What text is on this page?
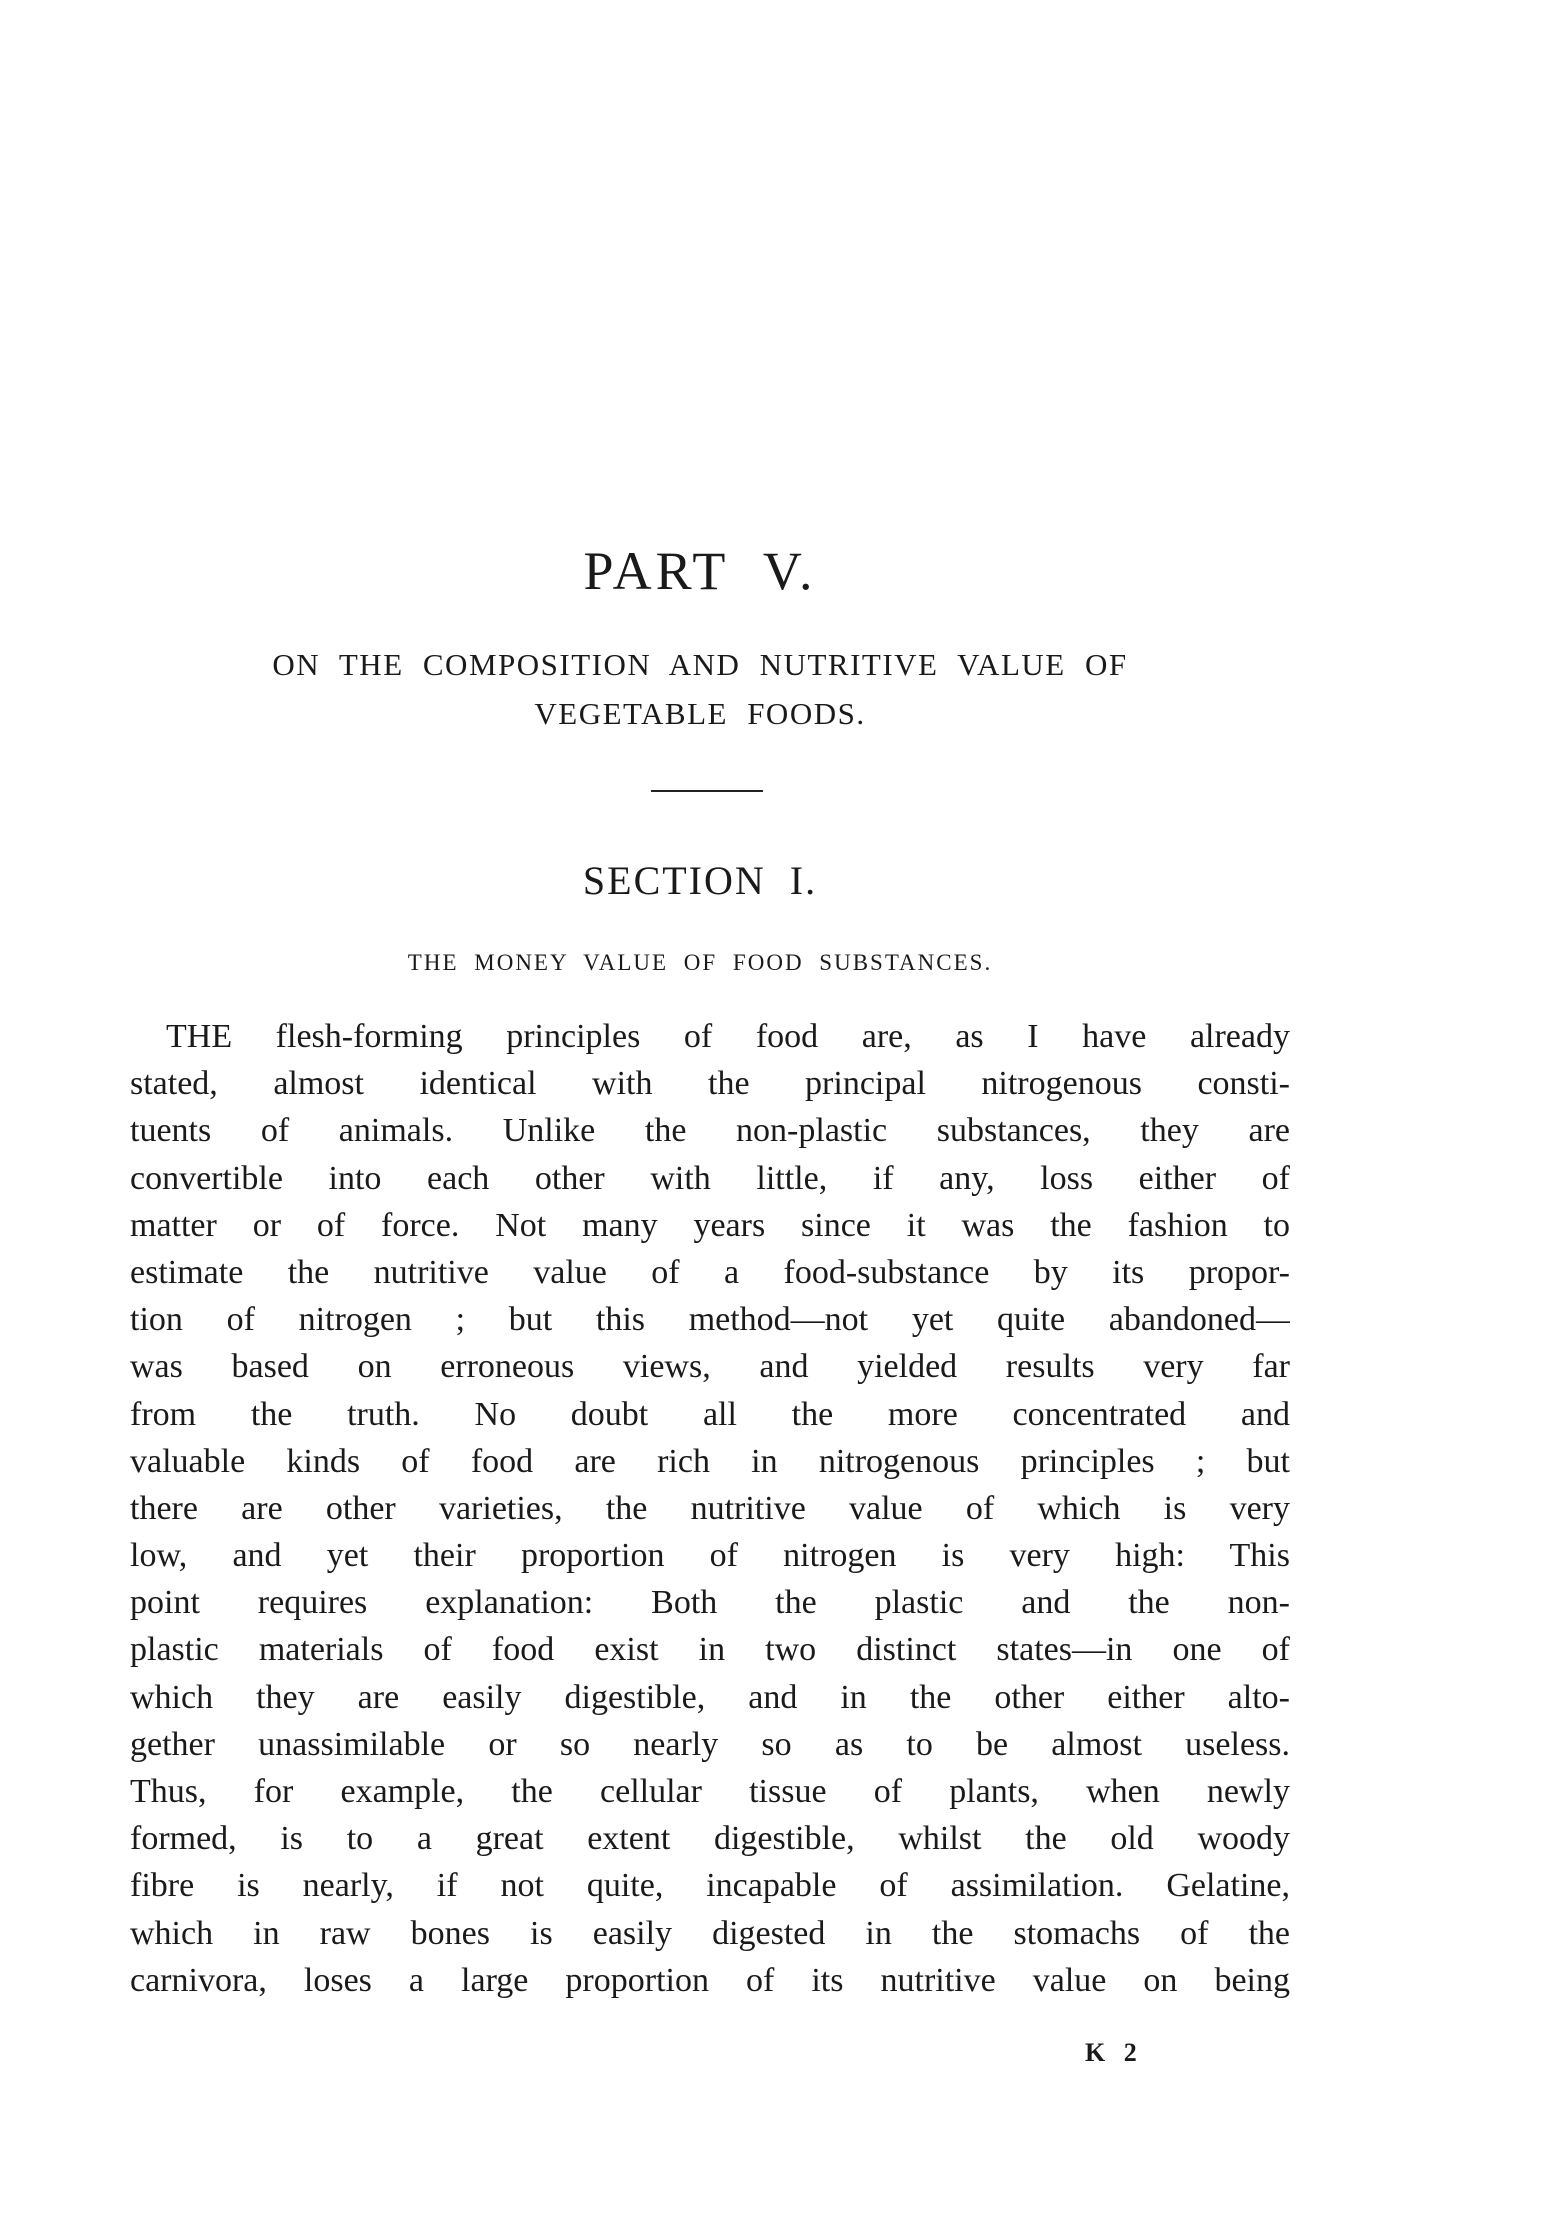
PART V.
ON THE COMPOSITION AND NUTRITIVE VALUE OF
VEGETABLE FOODS.
SECTION I.
THE MONEY VALUE OF FOOD SUBSTANCES.
THE flesh-forming principles of food are, as I have already
stated, almost identical with the principal nitrogenous consti-
tuents of animals. Unlike the non-plastic substances, they are
convertible into each other with little, if any, loss either of
matter or of force. Not many years since it was the fashion to
estimate the nutritive value of a food-substance by its propor-
tion of nitrogen ; but this method—not yet quite abandoned—
was based on erroneous views, and yielded results very far
from the truth. No doubt all the more concentrated and
valuable kinds of food are rich in nitrogenous principles ; but
there are other varieties, the nutritive value of which is very
low, and yet their proportion of nitrogen is very high: This
point requires explanation: Both the plastic and the non-
plastic materials of food exist in two distinct states—in one of
which they are easily digestible, and in the other either alto-
gether unassimilable or so nearly so as to be almost useless.
Thus, for example, the cellular tissue of plants, when newly
formed, is to a great extent digestible, whilst the old woody
fibre is nearly, if not quite, incapable of assimilation. Gelatine,
which in raw bones is easily digested in the stomachs of the
carnivora, loses a large proportion of its nutritive value on being
K 2
